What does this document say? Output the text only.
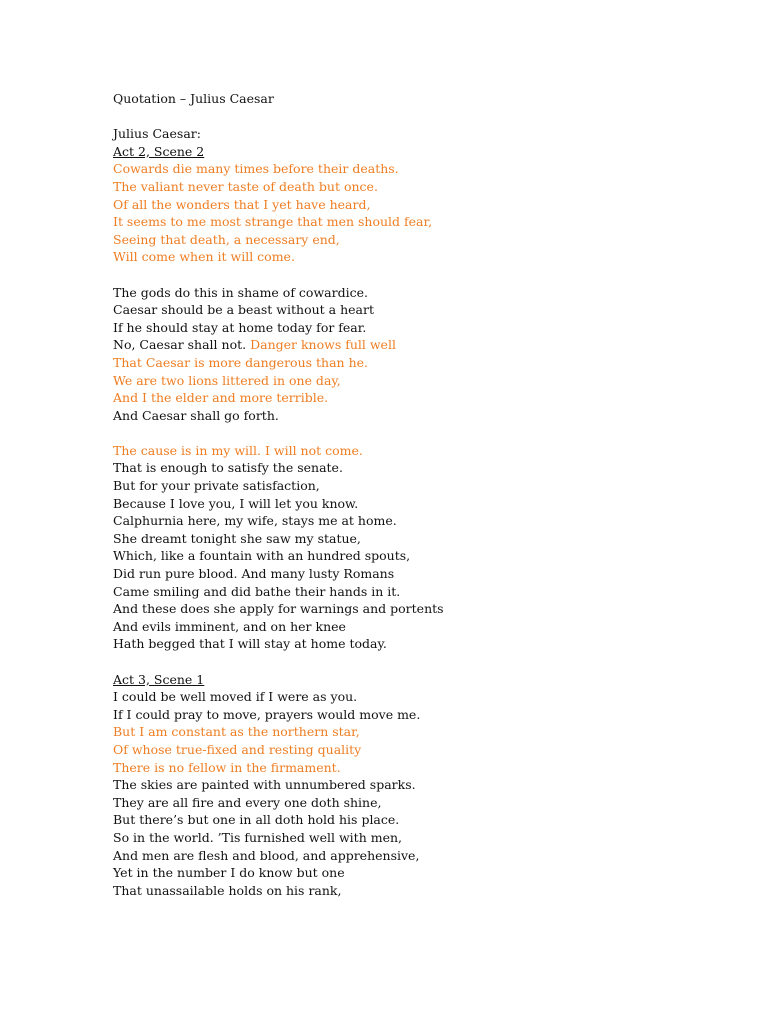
Quotation – Julius Caesar
Julius Caesar:
Act 2, Scene 2
Cowards die many times before their deaths.
The valiant never taste of death but once.
Of all the wonders that I yet have heard,
It seems to me most strange that men should fear,
Seeing that death, a necessary end,
Will come when it will come.
The gods do this in shame of cowardice.
Caesar should be a beast without a heart
If he should stay at home today for fear.
No, Caesar shall not. Danger knows full well
That Caesar is more dangerous than he.
We are two lions littered in one day,
And I the elder and more terrible.
And Caesar shall go forth.
The cause is in my will. I will not come.
That is enough to satisfy the senate.
But for your private satisfaction,
Because I love you, I will let you know.
Calphurnia here, my wife, stays me at home.
She dreamt tonight she saw my statue,
Which, like a fountain with an hundred spouts,
Did run pure blood. And many lusty Romans
Came smiling and did bathe their hands in it.
And these does she apply for warnings and portents
And evils imminent, and on her knee
Hath begged that I will stay at home today.
Act 3, Scene 1
I could be well moved if I were as you.
If I could pray to move, prayers would move me.
But I am constant as the northern star,
Of whose true-fixed and resting quality
There is no fellow in the firmament.
The skies are painted with unnumbered sparks.
They are all fire and every one doth shine,
But there’s but one in all doth hold his place.
So in the world. ’Tis furnished well with men,
And men are flesh and blood, and apprehensive,
Yet in the number I do know but one
That unassailable holds on his rank,
